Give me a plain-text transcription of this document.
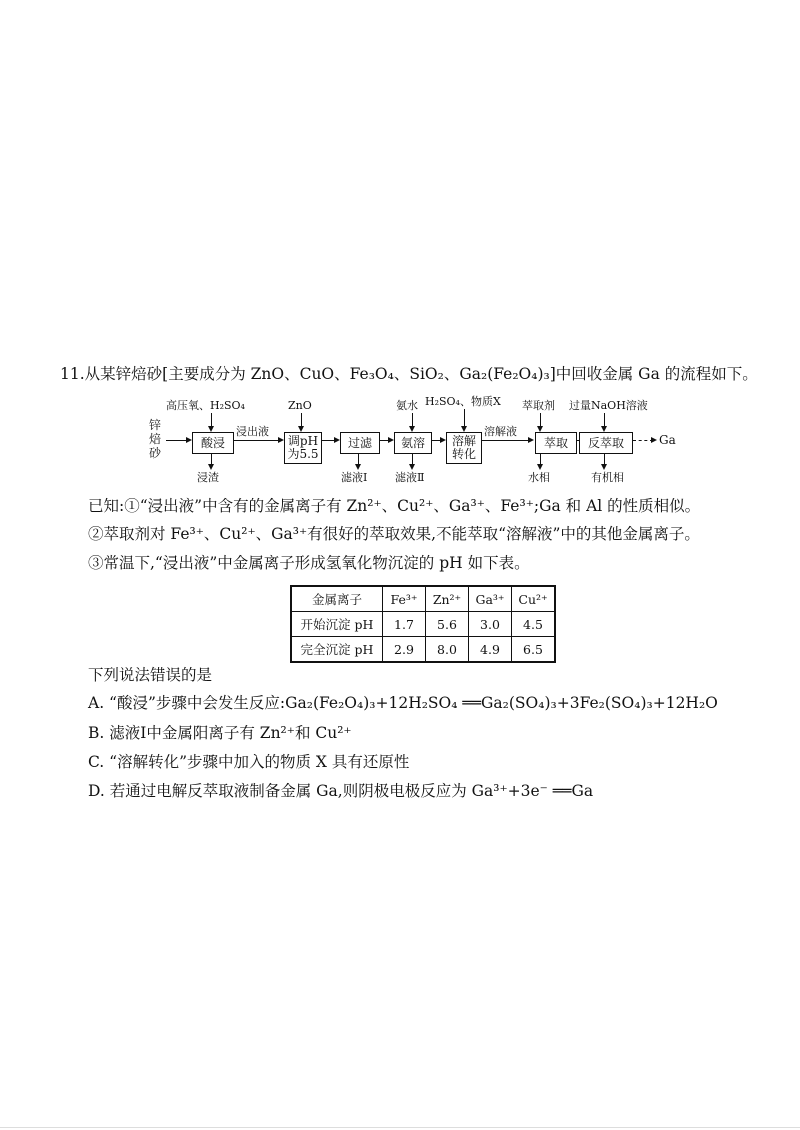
11.从某锌焙砂[主要成分为 ZnO、CuO、Fe₃O₄、SiO₂、Ga₂(Fe₂O₄)₃]中回收金属 Ga 的流程如下。
锌
焙
砂
高压氧、H₂SO₄
酸浸
浸渣
浸出液
ZnO
调pH
为5.5
过滤
滤液Ⅰ
氨水
氨溶
滤液Ⅱ
H₂SO₄、物质X
溶解
转化
溶解液
萃取剂
萃取
水相
过量NaOH溶液
反萃取
有机相
Ga
已知:①“浸出液”中含有的金属离子有 Zn²⁺、Cu²⁺、Ga³⁺、Fe³⁺;Ga 和 Al 的性质相似。
②萃取剂对 Fe³⁺、Cu²⁺、Ga³⁺有很好的萃取效果,不能萃取“溶解液”中的其他金属离子。
③常温下,“浸出液”中金属离子形成氢氧化物沉淀的 pH 如下表。
金属离子	Fe³⁺	Zn²⁺	Ga³⁺	Cu²⁺
开始沉淀 pH	1.7	5.6	3.0	4.5
完全沉淀 pH	2.9	8.0	4.9	6.5
下列说法错误的是
A. “酸浸”步骤中会发生反应:Ga₂(Fe₂O₄)₃+12H₂SO₄ ══Ga₂(SO₄)₃+3Fe₂(SO₄)₃+12H₂O
B. 滤液Ⅰ中金属阳离子有 Zn²⁺和 Cu²⁺
C. “溶解转化”步骤中加入的物质 X 具有还原性
D. 若通过电解反萃取液制备金属 Ga,则阴极电极反应为 Ga³⁺+3e⁻ ══Ga
